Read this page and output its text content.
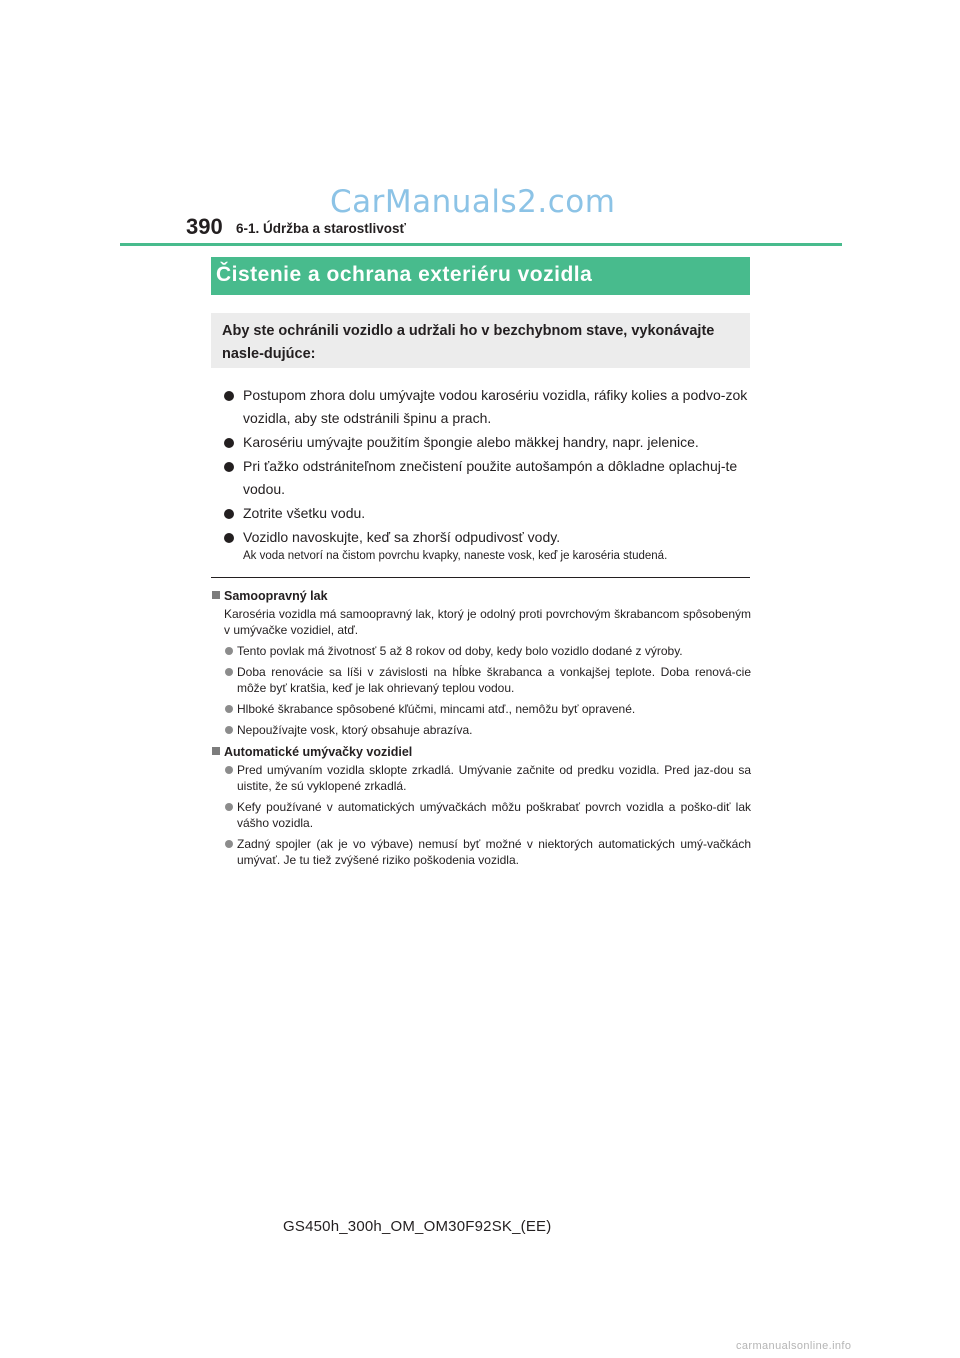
CarManuals2.com
390 6-1. Údržba a starostlivosť
Čistenie a ochrana exteriéru vozidla
Aby ste ochránili vozidlo a udržali ho v bezchybnom stave, vykonávajte nasle-dujúce:
Postupom zhora dolu umývajte vodou karosériu vozidla, ráfiky kolies a podvo-zok vozidla, aby ste odstránili špinu a prach.
Karosériu umývajte použitím špongie alebo mäkkej handry, napr. jelenice.
Pri ťažko odstrániteľnom znečistení použite autošampón a dôkladne oplachuj-te vodou.
Zotrite všetku vodu.
Vozidlo navoskujte, keď sa zhorší odpudivosť vody.
Ak voda netvorí na čistom povrchu kvapky, naneste vosk, keď je karoséria studená.
Samoopravný lak
Karoséria vozidla má samoopravný lak, ktorý je odolný proti povrchovým škrabancom spôsobeným v umývačke vozidiel, atď.
Tento povlak má životnosť 5 až 8 rokov od doby, kedy bolo vozidlo dodané z výroby.
Doba renovácie sa líši v závislosti na hĺbke škrabanca a vonkajšej teplote. Doba renová-cie môže byť kratšia, keď je lak ohrievaný teplou vodou.
Hlboké škrabance spôsobené kľúčmi, mincami atď., nemôžu byť opravené.
Nepoužívajte vosk, ktorý obsahuje abrazíva.
Automatické umývačky vozidiel
Pred umývaním vozidla sklopte zrkadlá. Umývanie začnite od predku vozidla. Pred jaz-dou sa uistite, že sú vyklopené zrkadlá.
Kefy používané v automatických umývačkách môžu poškrabať povrch vozidla a poško-diť lak vášho vozidla.
Zadný spojler (ak je vo výbave) nemusí byť možné v niektorých automatických umý-vačkách umývať. Je tu tiež zvýšené riziko poškodenia vozidla.
GS450h_300h_OM_OM30F92SK_(EE)
carmanualsonline.info
